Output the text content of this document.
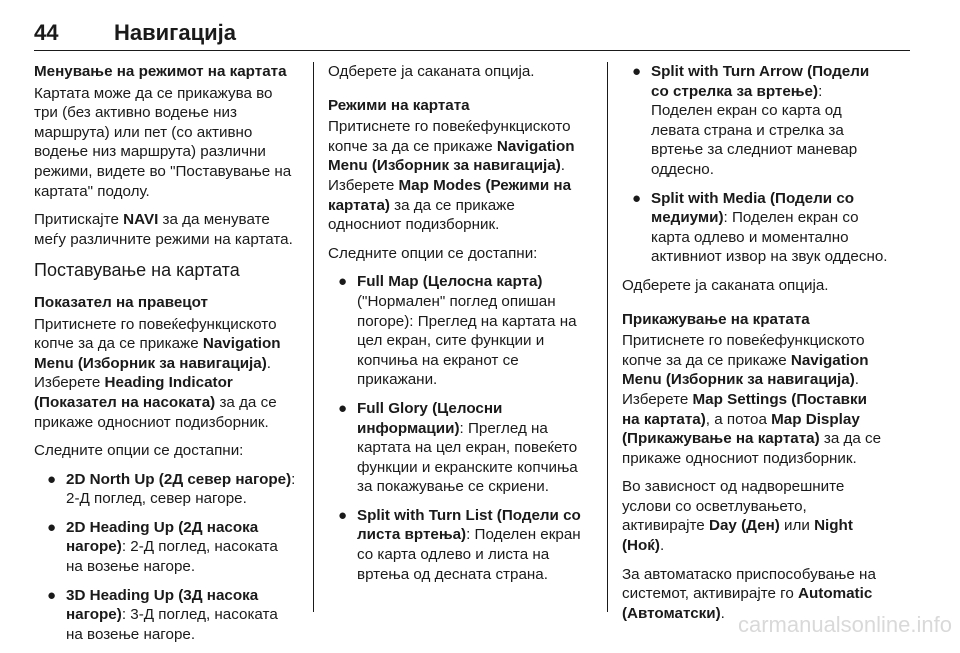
44	Навигација
Менување на режимот на картата

Картата може да се прикажува во три (без активно водење низ маршрута) или пет (со активно водење низ маршрута) различни режими, видете во "Поставување на картата" подолу.

Притискајте NAVI за да менувате меѓу различните режими на картата.

Поставување на картата
Показател на правецот

Притиснете го повеќефункциското копче за да се прикаже Navigation Menu (Изборник за навигација). Изберете Heading Indicator (Показател на насоката) за да се прикаже односниот подизборник.

Следните опции се достапни:

● 2D North Up (2Д север нагоре): 2-Д поглед, север нагоре.
● 2D Heading Up (2Д насока нагоре): 2-Д поглед, насоката на возење нагоре.
● 3D Heading Up (3Д насока нагоре): 3-Д поглед, насоката на возење нагоре.

Одберете ја саканата опција.

Режими на картата

Притиснете го повеќефункциското копче за да се прикаже Navigation Menu (Изборник за навигација). Изберете Map Modes (Режими на картата) за да се прикаже односниот подизборник.

Следните опции се достапни:

● Full Map (Целосна карта) ("Нормален" поглед опишан погоре): Преглед на картата на цел екран, сите функции и копчиња на екранот се прикажани.
● Full Glory (Целосни информации): Преглед на картата на цел екран, повеќето функции и екранските копчиња за покажување се скриени.
● Split with Turn List (Подели со листа вртења): Поделен екран со карта одлево и листа на вртења од десната страна.
● Split with Turn Arrow (Подели со стрелка за вртење): Поделен екран со карта од левата страна и стрелка за вртење за следниот маневар оддесно.
● Split with Media (Подели со медиуми): Поделен екран со карта одлево и моментално активниот извор на звук оддесно.

Одберете ја саканата опција.

Прикажување на кратата

Притиснете го повеќефункциското копче за да се прикаже Navigation Menu (Изборник за навигација). Изберете Map Settings (Поставки на картата), а потоа Map Display (Прикажување на картата) за да се прикаже односниот подизборник.

Во зависност од надворешните услови со осветлувањето, активирајте Day (Ден) или Night (Ноќ).

За автоматаско приспособување на системот, активирајте го Automatic (Автоматски). carmanualsonline.info
